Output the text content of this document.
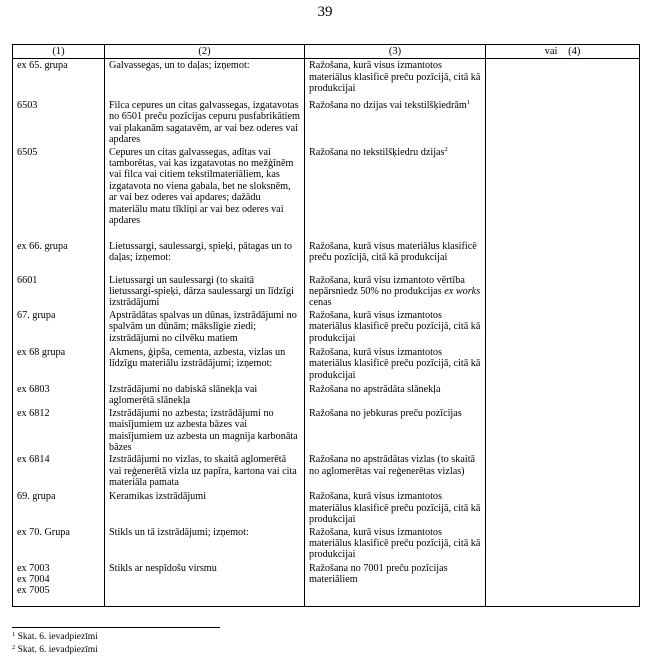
39
(1)	(2)	(3)	vai (4)
ex 65. grupa	Galvassegas, un to daļas; izņemot:	Ražošana, kurā visus izmantotos materiālus klasificē preču pozīcijā, citā kā produkcijai	
6503	Filca cepures un citas galvassegas, izgatavotas no 6501 preču pozīcijas cepuru pusfabrikātiem vai plakanām sagatavēm, ar vai bez oderes vai apdares	Ražošana no dzijas vai tekstilšķiedrām$^1$	
6505	Cepures un citas galvassegas, adītas vai tamborētas, vai kas izgatavotas no mežģīnēm vai filca vai citiem tekstilmateriāliem, kas izgatavota no viena gabala, bet ne sloksnēm, ar vai bez oderes vai apdares; dažādu materiālu matu tīkliņi ar vai bez oderes vai apdares	Ražošana no tekstilšķiedru dzijas$^2$	
ex 66. grupa	Lietussargi, saulessargi, spieķi, pātagas un to daļas; izņemot:	Ražošana, kurā visus materiālus klasificē preču pozīcijā, citā kā produkcijai	
6601	Lietussargi un saulessargi (to skaitā lietussargi-spieķi, dārza saulessargi un līdzīgi izstrādājumi	Ražošana, kurā visu izmantoto vērtība nepārsniedz 50% no produkcijas ex works cenas	
67. grupa	Apstrādātas spalvas un dūnas, izstrādājumi no spalvām un dūnām; mākslīgie ziedi; izstrādājumi no cilvēku matiem	Ražošana, kurā visus izmantotos materiālus klasificē preču pozīcijā, citā kā produkcijai	
ex 68 grupa	Akmens, ģipša, cementa, azbesta, vizlas un līdzīgu materiālu izstrādājumi; izņemot:	Ražošana, kurā visus izmantotos materiālus klasificē preču pozīcijā, citā kā produkcijai	
ex 6803	Izstrādājumi no dabiskā slānekļa vai aglomerētā slānekļa	Ražošana no apstrādāta slānekļa	
ex 6812	Izstrādājumi no azbesta; izstrādājumi no maisījumiem uz azbesta bāzes vai maisījumiem uz azbesta un magnija karbonāta bāzes	Ražošana no jebkuras preču pozīcijas	
ex 6814	Izstrādājumi no vizlas, to skaitā aglomerētā vai reģenerētā vizla uz papīra, kartona vai cita materiāla pamata	Ražošana no apstrādātas vizlas (to skaitā no aglomerētas vai reģenerētas vizlas)	
69. grupa	Keramikas izstrādājumi	Ražošana, kurā visus izmantotos materiālus klasificē preču pozīcijā, citā kā produkcijai	
ex 70. Grupa	Stikls un tā izstrādājumi; izņemot:	Ražošana, kurā visus izmantotos materiālus klasificē preču pozīcijā, citā kā produkcijai	

ex 7003
ex 7004
ex 7005	Stikls ar nespīdošu virsmu	Ražošana no 7001 preču pozīcijas materiāliem	

$^1$ Skat. 6. ievadpiezīmi
$^2$ Skat. 6. ievadpiezīmi
